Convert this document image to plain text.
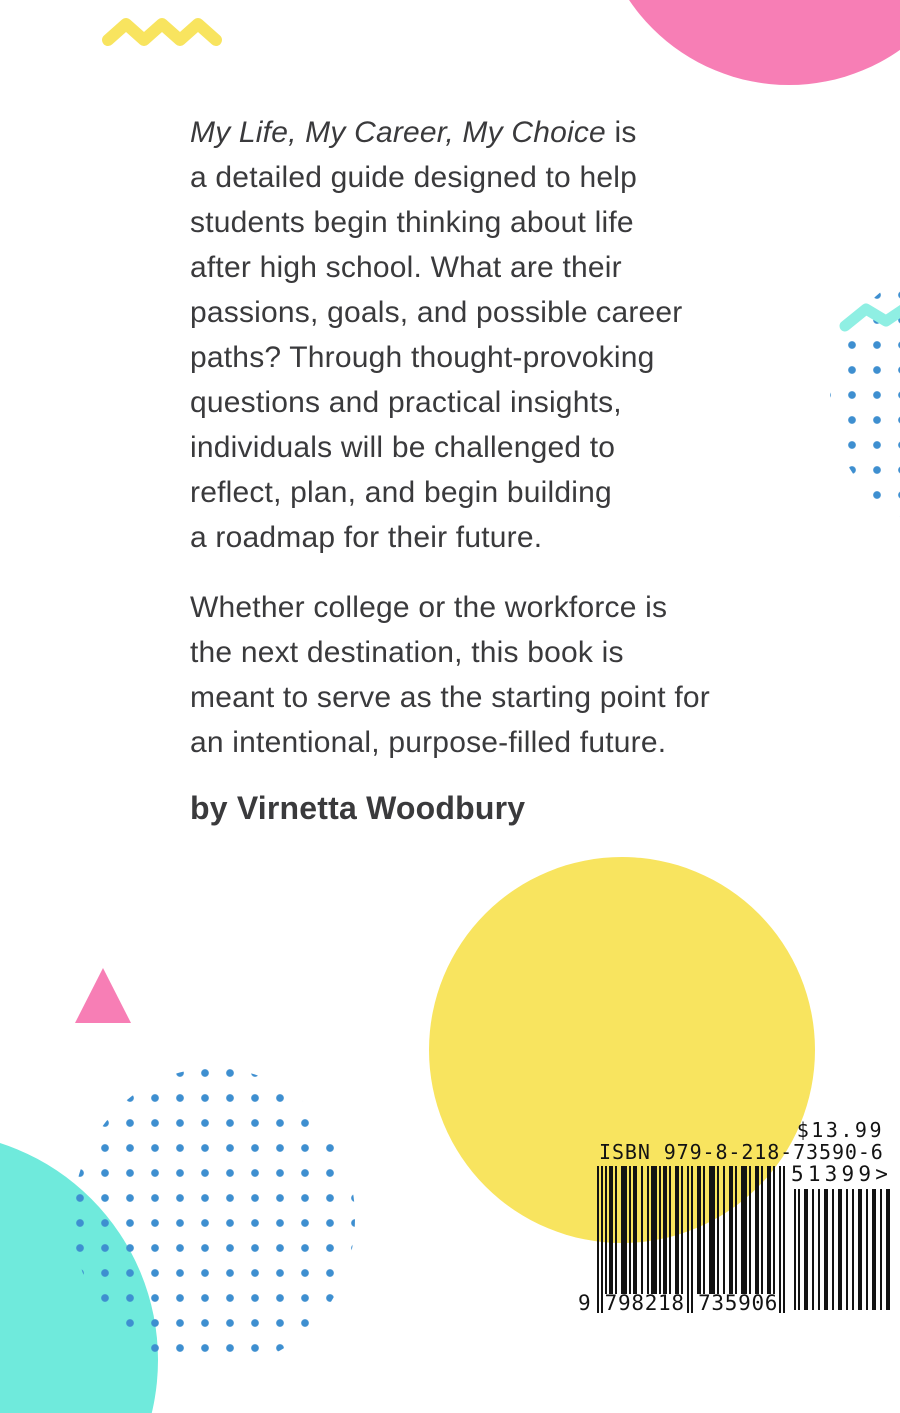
My Life, My Career, My Choice is
a detailed guide designed to help
students begin thinking about life
after high school. What are their
passions, goals, and possible career
paths? Through thought-provoking
questions and practical insights,
individuals will be challenged to
reflect, plan, and begin building
a roadmap for their future.
Whether college or the workforce is
the next destination, this book is
meant to serve as the starting point for
an intentional, purpose-filled future.
by Virnetta Woodbury
$13.99
ISBN 979-8-218-73590-6
51399>
9 798218 735906
